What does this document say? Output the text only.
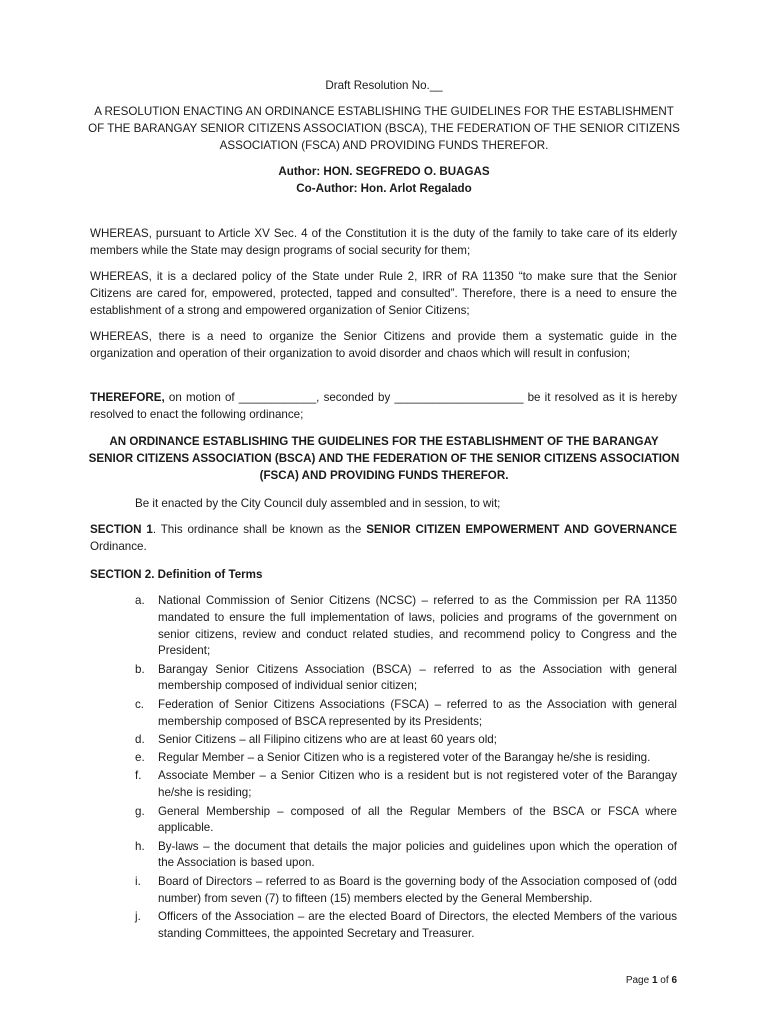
Draft Resolution No.__
A RESOLUTION ENACTING AN ORDINANCE ESTABLISHING THE GUIDELINES FOR THE ESTABLISHMENT OF THE BARANGAY SENIOR CITIZENS ASSOCIATION (BSCA), THE FEDERATION OF THE SENIOR CITIZENS ASSOCIATION (FSCA) AND PROVIDING FUNDS THEREFOR.
Author: HON. SEGFREDO O. BUAGAS
Co-Author: Hon. Arlot Regalado
WHEREAS, pursuant to Article XV Sec. 4 of the Constitution it is the duty of the family to take care of its elderly members while the State may design programs of social security for them;
WHEREAS, it is a declared policy of the State under Rule 2, IRR of RA 11350 “to make sure that the Senior Citizens are cared for, empowered, protected, tapped and consulted”. Therefore, there is a need to ensure the establishment of a strong and empowered organization of Senior Citizens;
WHEREAS, there is a need to organize the Senior Citizens and provide them a systematic guide in the organization and operation of their organization to avoid disorder and chaos which will result in confusion;
THEREFORE, on motion of ____________, seconded by ____________________ be it resolved as it is hereby resolved to enact the following ordinance;
AN ORDINANCE ESTABLISHING THE GUIDELINES FOR THE ESTABLISHMENT OF THE BARANGAY SENIOR CITIZENS ASSOCIATION (BSCA) AND THE FEDERATION OF THE SENIOR CITIZENS ASSOCIATION (FSCA) AND PROVIDING FUNDS THEREFOR.
Be it enacted by the City Council duly assembled and in session, to wit;
SECTION 1. This ordinance shall be known as the SENIOR CITIZEN EMPOWERMENT AND GOVERNANCE Ordinance.
SECTION 2. Definition of Terms
a. National Commission of Senior Citizens (NCSC) – referred to as the Commission per RA 11350 mandated to ensure the full implementation of laws, policies and programs of the government on senior citizens, review and conduct related studies, and recommend policy to Congress and the President;
b. Barangay Senior Citizens Association (BSCA) – referred to as the Association with general membership composed of individual senior citizen;
c. Federation of Senior Citizens Associations (FSCA) – referred to as the Association with general membership composed of BSCA represented by its Presidents;
d. Senior Citizens – all Filipino citizens who are at least 60 years old;
e. Regular Member – a Senior Citizen who is a registered voter of the Barangay he/she is residing.
f. Associate Member – a Senior Citizen who is a resident but is not registered voter of the Barangay he/she is residing;
g. General Membership – composed of all the Regular Members of the BSCA or FSCA where applicable.
h. By-laws – the document that details the major policies and guidelines upon which the operation of the Association is based upon.
i. Board of Directors – referred to as Board is the governing body of the Association composed of (odd number) from seven (7) to fifteen (15) members elected by the General Membership.
j. Officers of the Association – are the elected Board of Directors, the elected Members of the various standing Committees, the appointed Secretary and Treasurer.
Page 1 of 6
